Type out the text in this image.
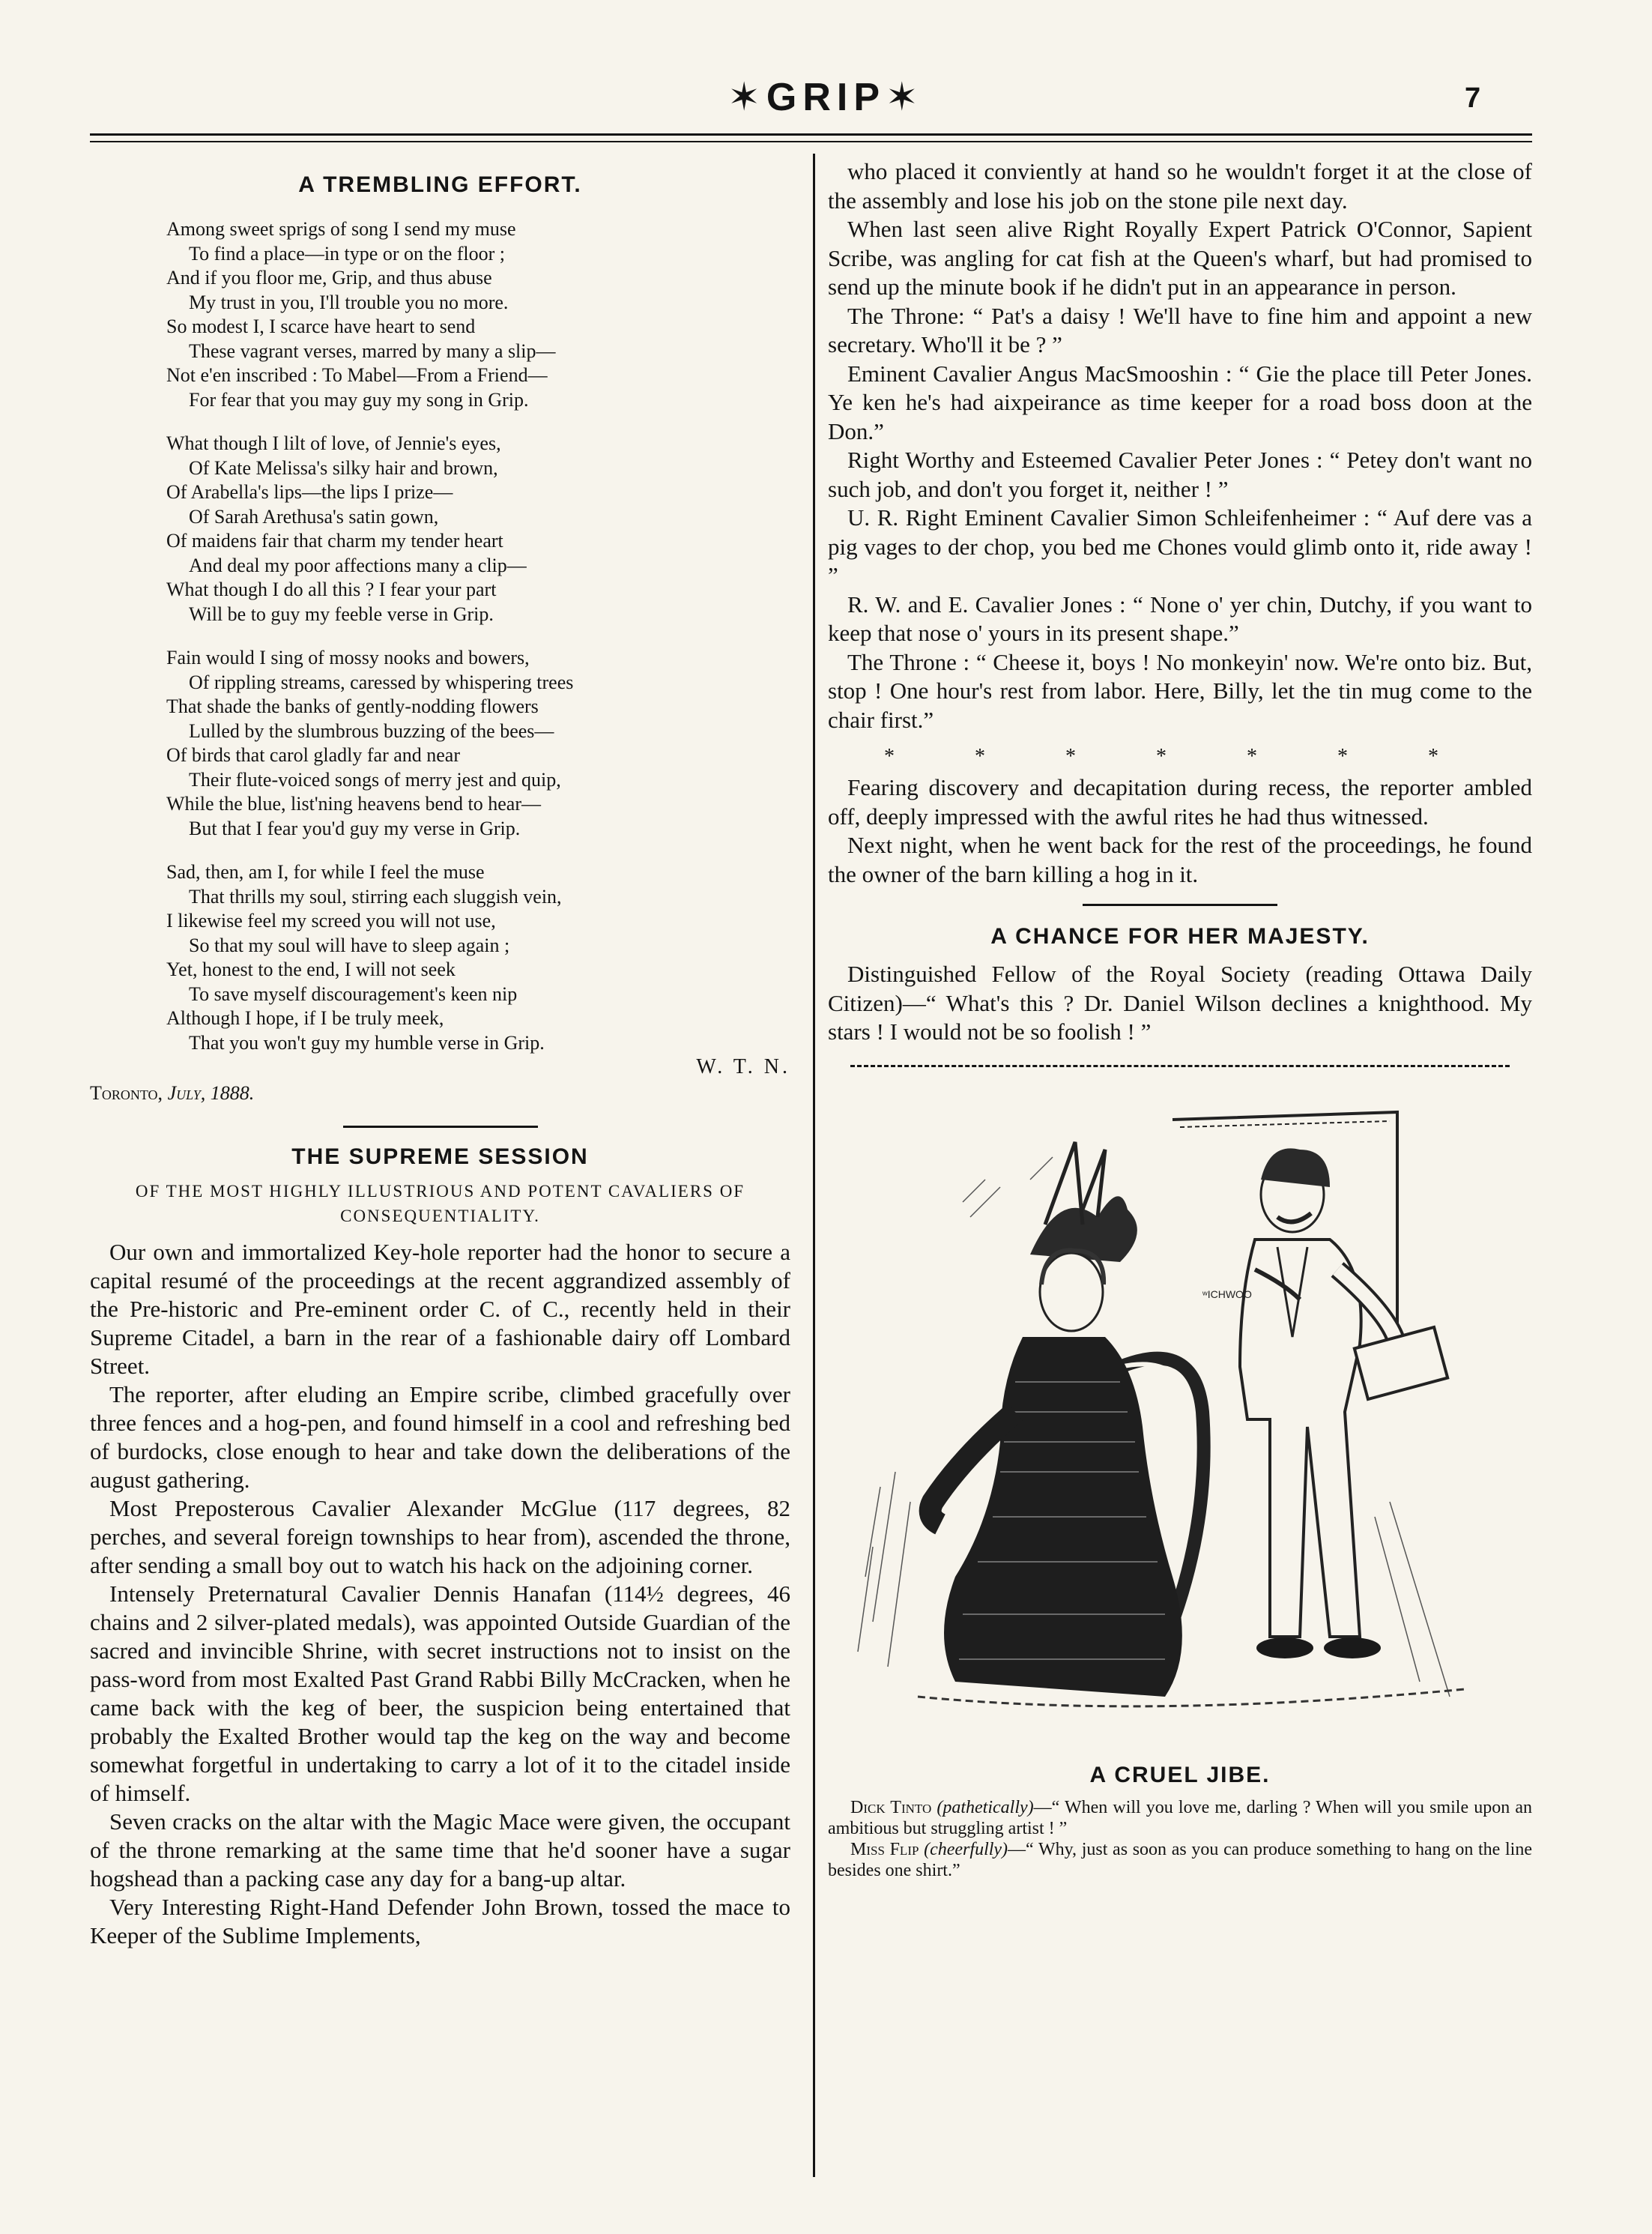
✶GRIP✶	7
A TREMBLING EFFORT.
Among sweet sprigs of song I send my muse
To find a place—in type or on the floor ;
And if you floor me, Grip, and thus abuse
My trust in you, I'll trouble you no more.
So modest I, I scarce have heart to send
These vagrant verses, marred by many a slip—
Not e'en inscribed : To Mabel—From a Friend—
For fear that you may guy my song in Grip.
What though I lilt of love, of Jennie's eyes,
Of Kate Melissa's silky hair and brown,
Of Arabella's lips—the lips I prize—
Of Sarah Arethusa's satin gown,
Of maidens fair that charm my tender heart
And deal my poor affections many a clip—
What though I do all this ? I fear your part
Will be to guy my feeble verse in Grip.
Fain would I sing of mossy nooks and bowers,
Of rippling streams, caressed by whispering trees
That shade the banks of gently-nodding flowers
Lulled by the slumbrous buzzing of the bees—
Of birds that carol gladly far and near
Their flute-voiced songs of merry jest and quip,
While the blue, list'ning heavens bend to hear—
But that I fear you'd guy my verse in Grip.
Sad, then, am I, for while I feel the muse
That thrills my soul, stirring each sluggish vein,
I likewise feel my screed you will not use,
So that my soul will have to sleep again ;
Yet, honest to the end, I will not seek
To save myself discouragement's keen nip
Although I hope, if I be truly meek,
That you won't guy my humble verse in Grip.
W. T. N.
Toronto, July, 1888.
THE SUPREME SESSION
OF THE MOST HIGHLY ILLUSTRIOUS AND POTENT CAVALIERS OF CONSEQUENTIALITY.

Our own and immortalized Key-hole reporter had the honor to secure a capital resumé of the proceedings at the recent aggrandized assembly of the Pre-historic and Pre-eminent order C. of C., recently held in their Supreme Citadel, a barn in the rear of a fashionable dairy off Lombard Street.

The reporter, after eluding an Empire scribe, climbed gracefully over three fences and a hog-pen, and found himself in a cool and refreshing bed of burdocks, close enough to hear and take down the deliberations of the august gathering.

Most Preposterous Cavalier Alexander McGlue (117 degrees, 82 perches, and several foreign townships to hear from), ascended the throne, after sending a small boy out to watch his hack on the adjoining corner.

Intensely Preternatural Cavalier Dennis Hanafan (114½ degrees, 46 chains and 2 silver-plated medals), was appointed Outside Guardian of the sacred and invincible Shrine, with secret instructions not to insist on the pass-word from most Exalted Past Grand Rabbi Billy McCracken, when he came back with the keg of beer, the suspicion being entertained that probably the Exalted Brother would tap the keg on the way and become somewhat forgetful in undertaking to carry a lot of it to the citadel inside of himself.

Seven cracks on the altar with the Magic Mace were given, the occupant of the throne remarking at the same time that he'd sooner have a sugar hogshead than a packing case any day for a bang-up altar.

Very Interesting Right-Hand Defender John Brown, tossed the mace to Keeper of the Sublime Implements,

who placed it conviently at hand so he wouldn't forget it at the close of the assembly and lose his job on the stone pile next day.

When last seen alive Right Royally Expert Patrick O'Connor, Sapient Scribe, was angling for cat fish at the Queen's wharf, but had promised to send up the minute book if he didn't put in an appearance in person.

The Throne: “ Pat's a daisy ! We'll have to fine him and appoint a new secretary. Who'll it be ? ”

Eminent Cavalier Angus MacSmooshin : “ Gie the place till Peter Jones. Ye ken he's had aixpeirance as time keeper for a road boss doon at the Don.”

Right Worthy and Esteemed Cavalier Peter Jones : “ Petey don't want no such job, and don't you forget it, neither ! ”

U. R. Right Eminent Cavalier Simon Schleifenheimer : “ Auf dere vas a pig vages to der chop, you bed me Chones vould glimb onto it, ride away ! ”

R. W. and E. Cavalier Jones : “ None o' yer chin, Dutchy, if you want to keep that nose o' yours in its present shape.”

The Throne : “ Cheese it, boys ! No monkeyin' now. We're onto biz. But, stop ! One hour's rest from labor. Here, Billy, let the tin mug come to the chair first.”

* * * * * * *

Fearing discovery and decapitation during recess, the reporter ambled off, deeply impressed with the awful rites he had thus witnessed.

Next night, when he went back for the rest of the proceedings, he found the owner of the barn killing a hog in it.

A CHANCE FOR HER MAJESTY.

Distinguished Fellow of the Royal Society (reading Ottawa Daily Citizen)—“ What's this ? Dr. Daniel Wilson declines a knighthood. My stars ! I would not be so foolish ! ”

ʷICHWOO
A CRUEL JIBE.
Dick Tinto (pathetically)—“ When will you love me, darling ? When will you smile upon an ambitious but struggling artist ! ”
Miss Flip (cheerfully)—“ Why, just as soon as you can produce something to hang on the line besides one shirt.”
